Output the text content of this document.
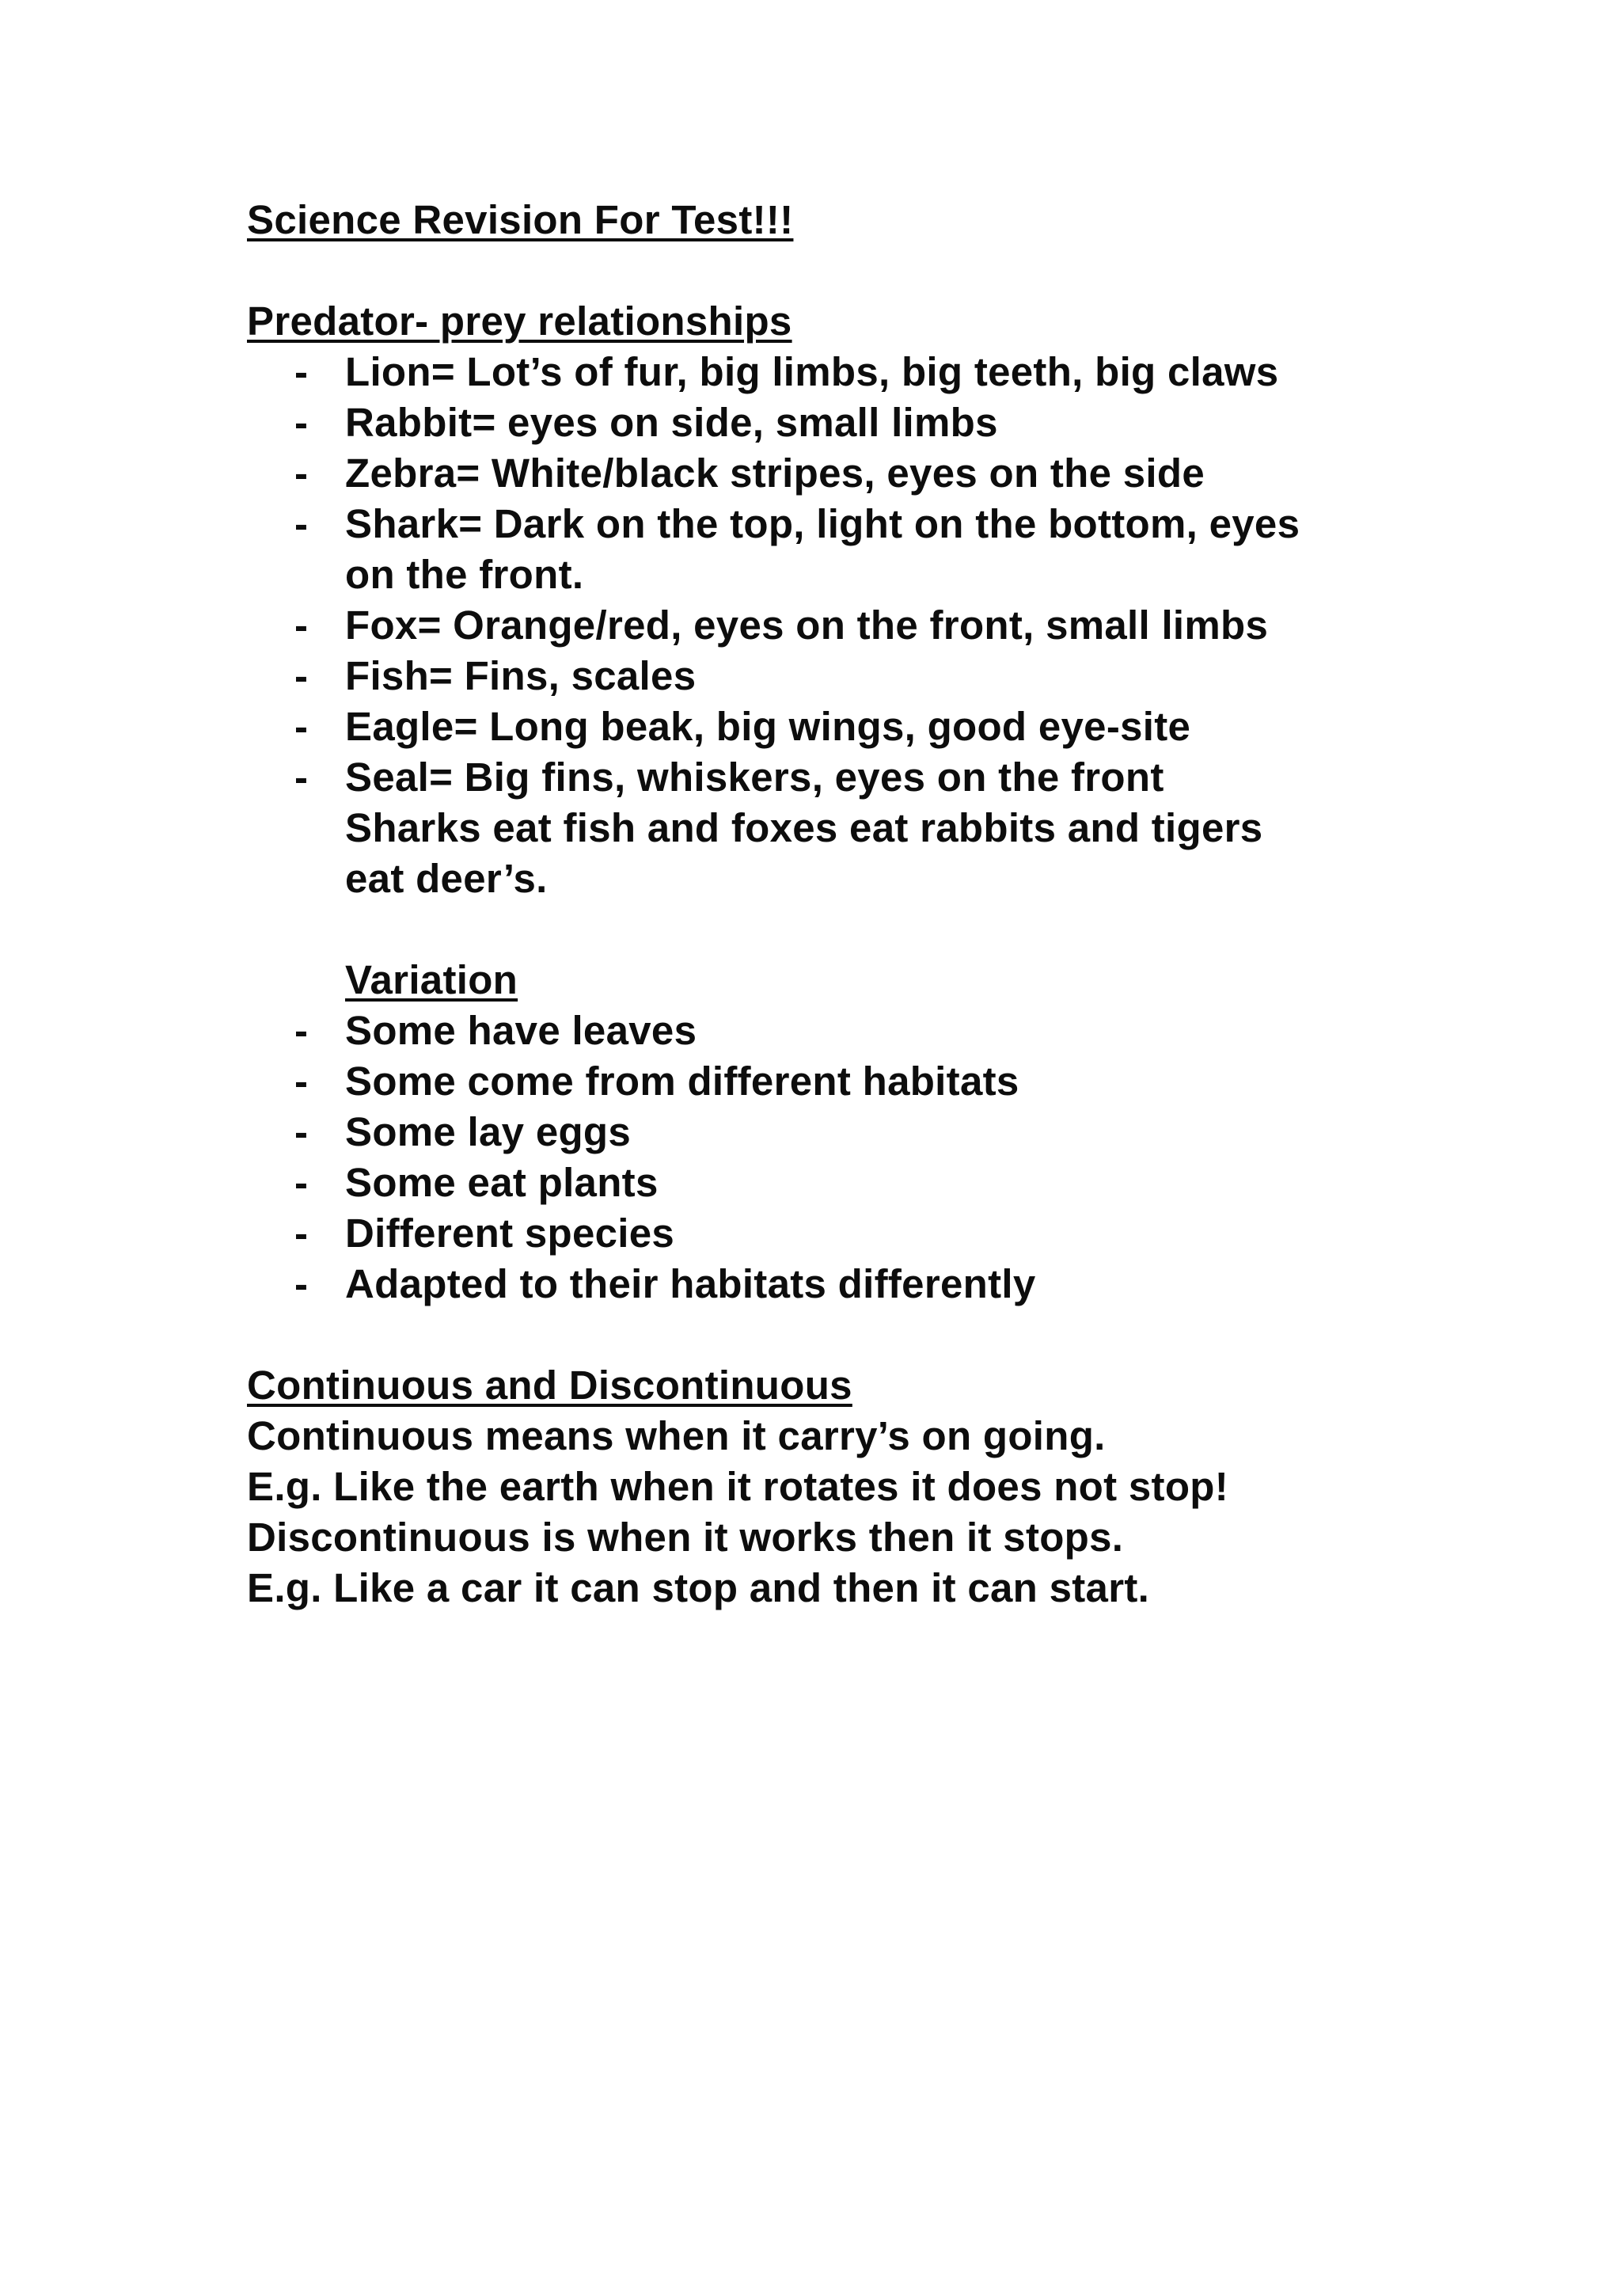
Science Revision For Test!!!
Predator- prey relationships
- Lion= Lot’s of fur, big limbs, big teeth, big claws
- Rabbit= eyes on side, small limbs
- Zebra= White/black stripes, eyes on the side
- Shark= Dark on the top, light on the bottom, eyes
on the front.
- Fox= Orange/red, eyes on the front, small limbs
- Fish= Fins, scales
- Eagle= Long beak, big wings, good eye-site
- Seal= Big fins, whiskers, eyes on the front
Sharks eat fish and foxes eat rabbits and tigers
eat deer’s.
Variation
- Some have leaves
- Some come from different habitats
- Some lay eggs
- Some eat plants
- Different species
- Adapted to their habitats differently
Continuous and Discontinuous
Continuous means when it carry’s on going.
E.g. Like the earth when it rotates it does not stop!
Discontinuous is when it works then it stops.
E.g. Like a car it can stop and then it can start.
